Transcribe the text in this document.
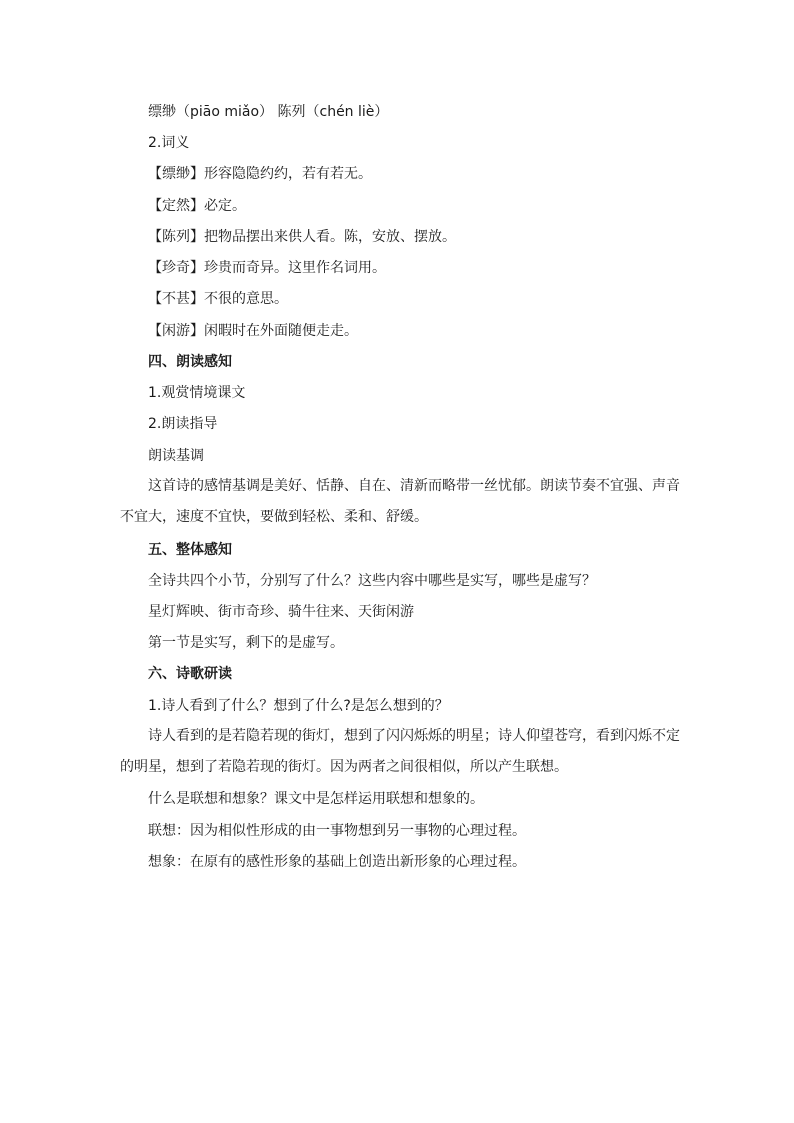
缥缈（piāo miǎo） 陈列（chén liè）
2.词义
【缥缈】形容隐隐约约，若有若无。
【定然】必定。
【陈列】把物品摆出来供人看。陈，安放、摆放。
【珍奇】珍贵而奇异。这里作名词用。
【不甚】不很的意思。
【闲游】闲暇时在外面随便走走。
四、朗读感知
1.观赏情境课文
2.朗读指导
朗读基调
这首诗的感情基调是美好、恬静、自在、清新而略带一丝忧郁。朗读节奏不宜强、声音不宜大，速度不宜快，要做到轻松、柔和、舒缓。
五、整体感知
全诗共四个小节，分别写了什么？这些内容中哪些是实写，哪些是虚写？
星灯辉映、街市奇珍、骑牛往来、天街闲游
第一节是实写，剩下的是虚写。
六、诗歌研读
1.诗人看到了什么？想到了什么?是怎么想到的？
诗人看到的是若隐若现的街灯，想到了闪闪烁烁的明星；诗人仰望苍穹，看到闪烁不定的明星，想到了若隐若现的街灯。因为两者之间很相似，所以产生联想。
什么是联想和想象？课文中是怎样运用联想和想象的。
联想：因为相似性形成的由一事物想到另一事物的心理过程。
想象：在原有的感性形象的基础上创造出新形象的心理过程。
